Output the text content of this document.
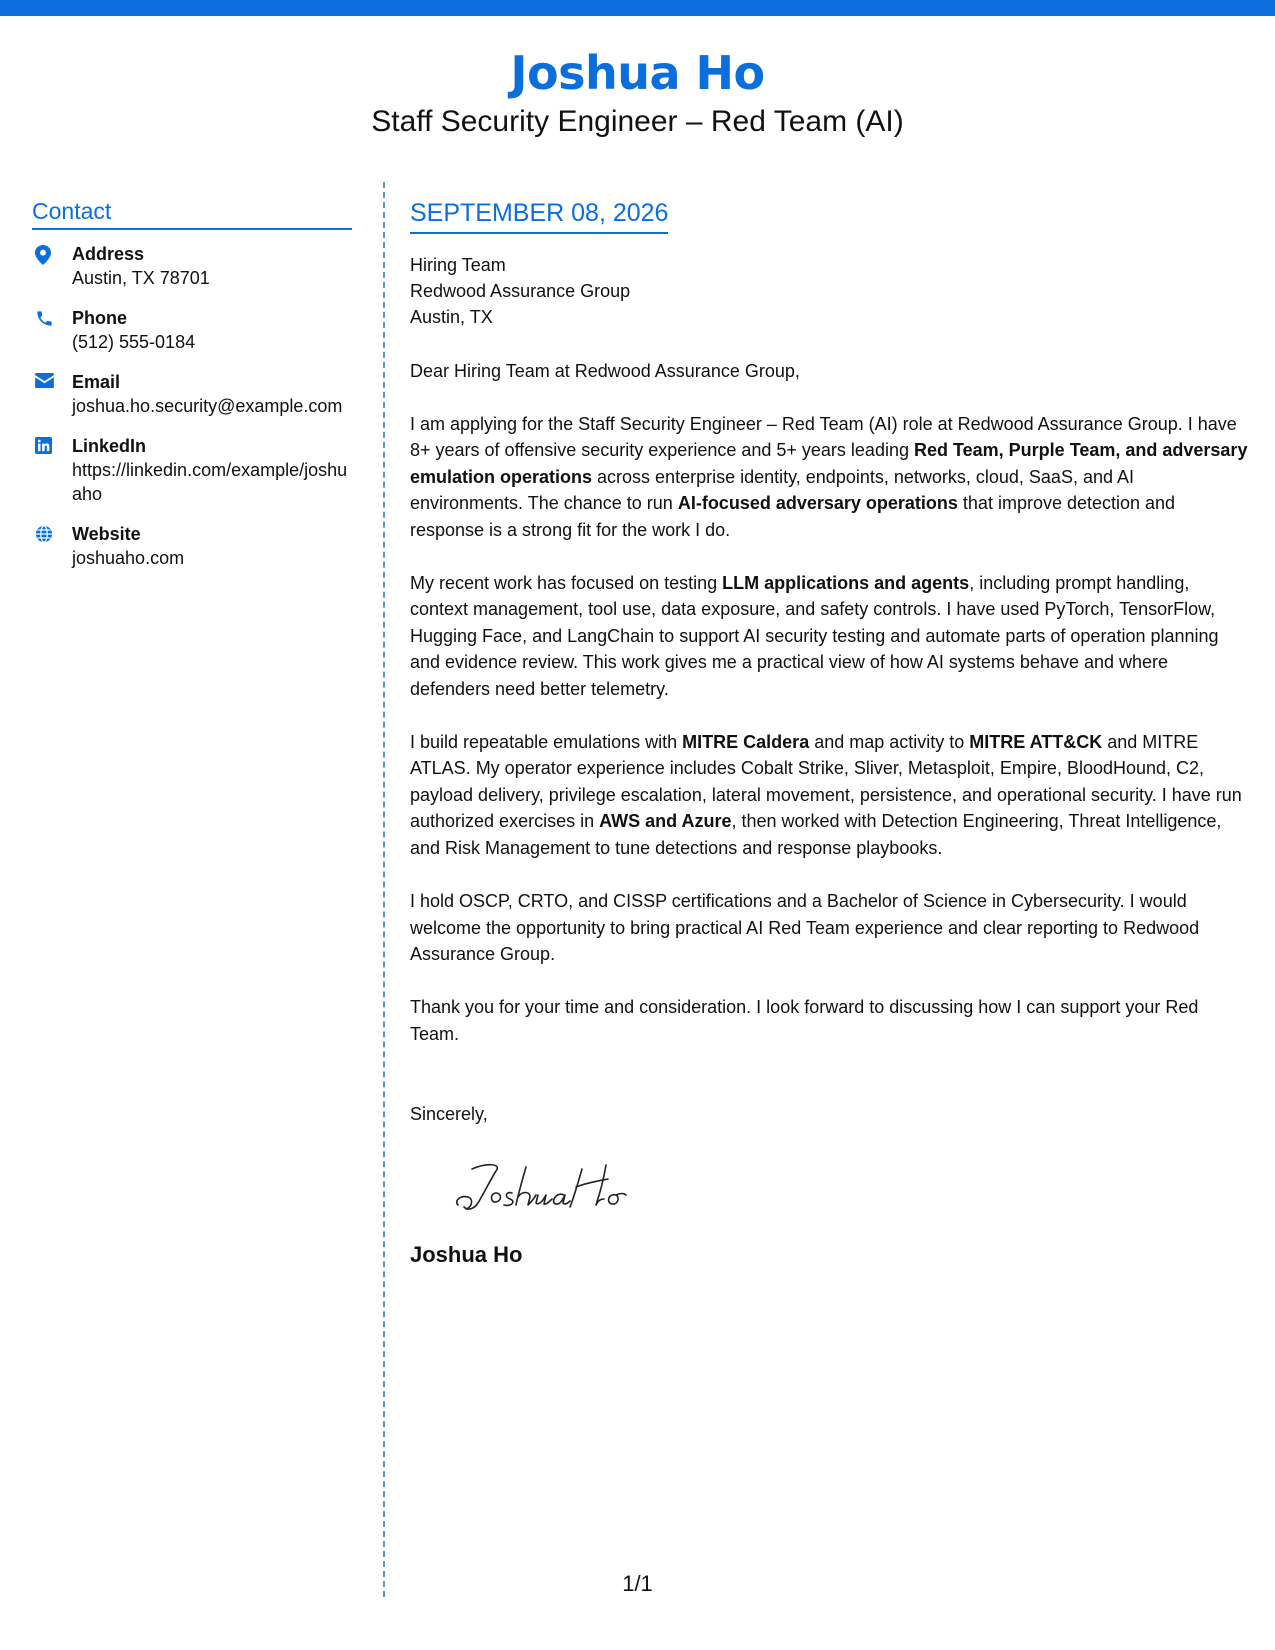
Joshua Ho
Staff Security Engineer – Red Team (AI)
Contact
Address
Austin, TX 78701
Phone
(512) 555-0184
Email
joshua.ho.security@example.com
LinkedIn
https://linkedin.com/example/joshuaho
Website
joshuaho.com
SEPTEMBER 08, 2026
Hiring Team
Redwood Assurance Group
Austin, TX
Dear Hiring Team at Redwood Assurance Group,
I am applying for the Staff Security Engineer – Red Team (AI) role at Redwood Assurance Group. I have 8+ years of offensive security experience and 5+ years leading Red Team, Purple Team, and adversary emulation operations across enterprise identity, endpoints, networks, cloud, SaaS, and AI environments. The chance to run AI-focused adversary operations that improve detection and response is a strong fit for the work I do.
My recent work has focused on testing LLM applications and agents, including prompt handling, context management, tool use, data exposure, and safety controls. I have used PyTorch, TensorFlow, Hugging Face, and LangChain to support AI security testing and automate parts of operation planning and evidence review. This work gives me a practical view of how AI systems behave and where defenders need better telemetry.
I build repeatable emulations with MITRE Caldera and map activity to MITRE ATT&CK and MITRE ATLAS. My operator experience includes Cobalt Strike, Sliver, Metasploit, Empire, BloodHound, C2, payload delivery, privilege escalation, lateral movement, persistence, and operational security. I have run authorized exercises in AWS and Azure, then worked with Detection Engineering, Threat Intelligence, and Risk Management to tune detections and response playbooks.
I hold OSCP, CRTO, and CISSP certifications and a Bachelor of Science in Cybersecurity. I would welcome the opportunity to bring practical AI Red Team experience and clear reporting to Redwood Assurance Group.
Thank you for your time and consideration. I look forward to discussing how I can support your Red Team.
Sincerely,
Joshua Ho
1/1
